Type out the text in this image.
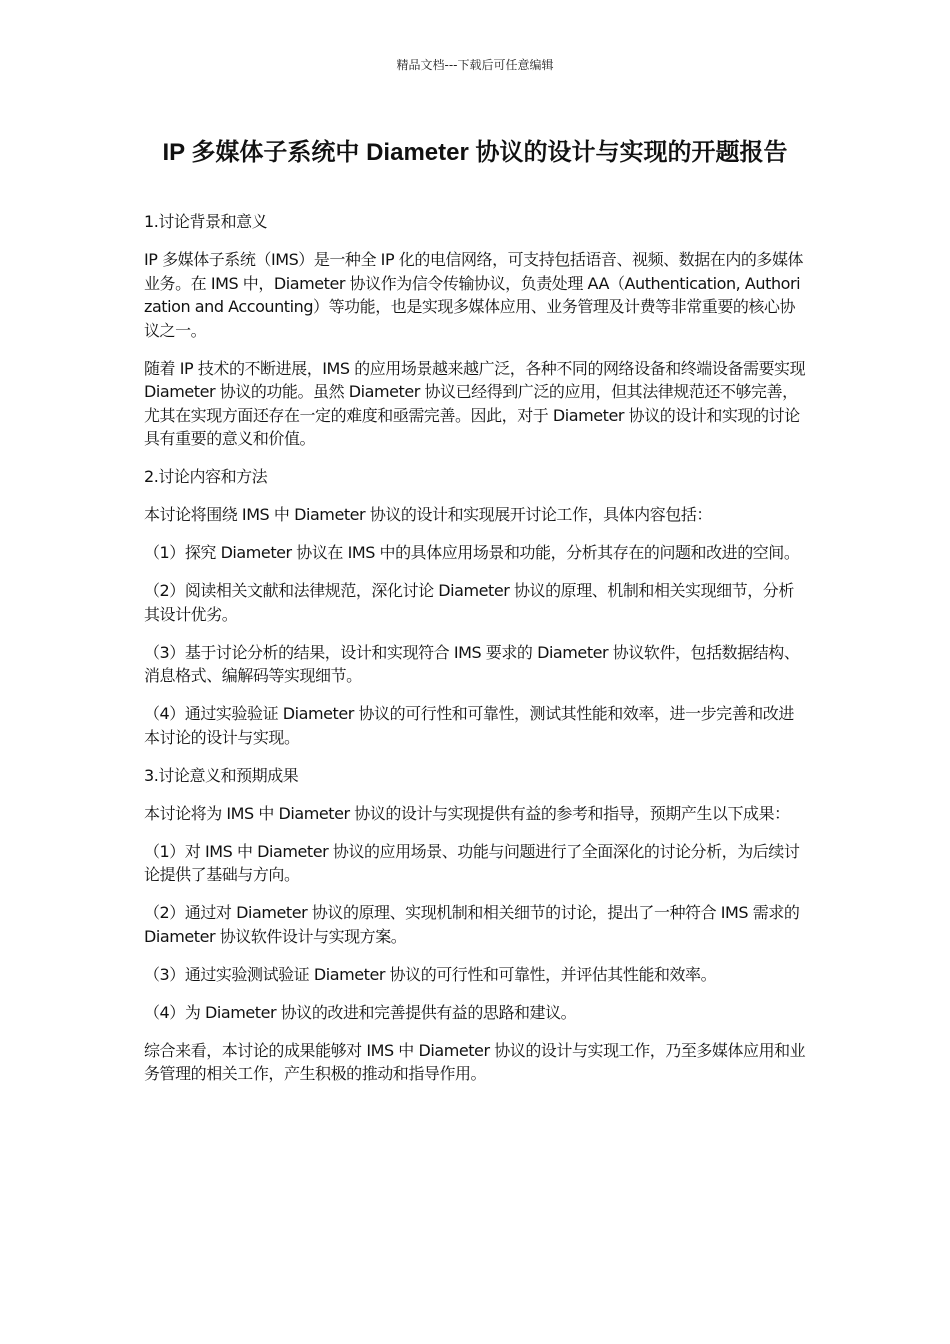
精品文档---下载后可任意编辑
IP 多媒体子系统中 Diameter 协议的设计与实现的开题报告

1.讨论背景和意义

IP 多媒体子系统（IMS）是一种全 IP 化的电信网络，可支持包括语音、视频、数据在内的多媒体业务。在 IMS 中，Diameter 协议作为信令传输协议，负责处理 AA（Authentication, Authorization and Accounting）等功能，也是实现多媒体应用、业务管理及计费等非常重要的核心协议之一。

随着 IP 技术的不断进展，IMS 的应用场景越来越广泛，各种不同的网络设备和终端设备需要实现 Diameter 协议的功能。虽然 Diameter 协议已经得到广泛的应用，但其法律规范还不够完善，尤其在实现方面还存在一定的难度和亟需完善。因此，对于 Diameter 协议的设计和实现的讨论具有重要的意义和价值。

2.讨论内容和方法

本讨论将围绕 IMS 中 Diameter 协议的设计和实现展开讨论工作，具体内容包括：

（1）探究 Diameter 协议在 IMS 中的具体应用场景和功能，分析其存在的问题和改进的空间。

（2）阅读相关文献和法律规范，深化讨论 Diameter 协议的原理、机制和相关实现细节，分析其设计优劣。

（3）基于讨论分析的结果，设计和实现符合 IMS 要求的 Diameter 协议软件，包括数据结构、消息格式、编解码等实现细节。

（4）通过实验验证 Diameter 协议的可行性和可靠性，测试其性能和效率，进一步完善和改进本讨论的设计与实现。

3.讨论意义和预期成果

本讨论将为 IMS 中 Diameter 协议的设计与实现提供有益的参考和指导，预期产生以下成果：

（1）对 IMS 中 Diameter 协议的应用场景、功能与问题进行了全面深化的讨论分析，为后续讨论提供了基础与方向。

（2）通过对 Diameter 协议的原理、实现机制和相关细节的讨论，提出了一种符合 IMS 需求的 Diameter 协议软件设计与实现方案。

（3）通过实验测试验证 Diameter 协议的可行性和可靠性，并评估其性能和效率。

（4）为 Diameter 协议的改进和完善提供有益的思路和建议。

综合来看，本讨论的成果能够对 IMS 中 Diameter 协议的设计与实现工作，乃至多媒体应用和业务管理的相关工作，产生积极的推动和指导作用。
